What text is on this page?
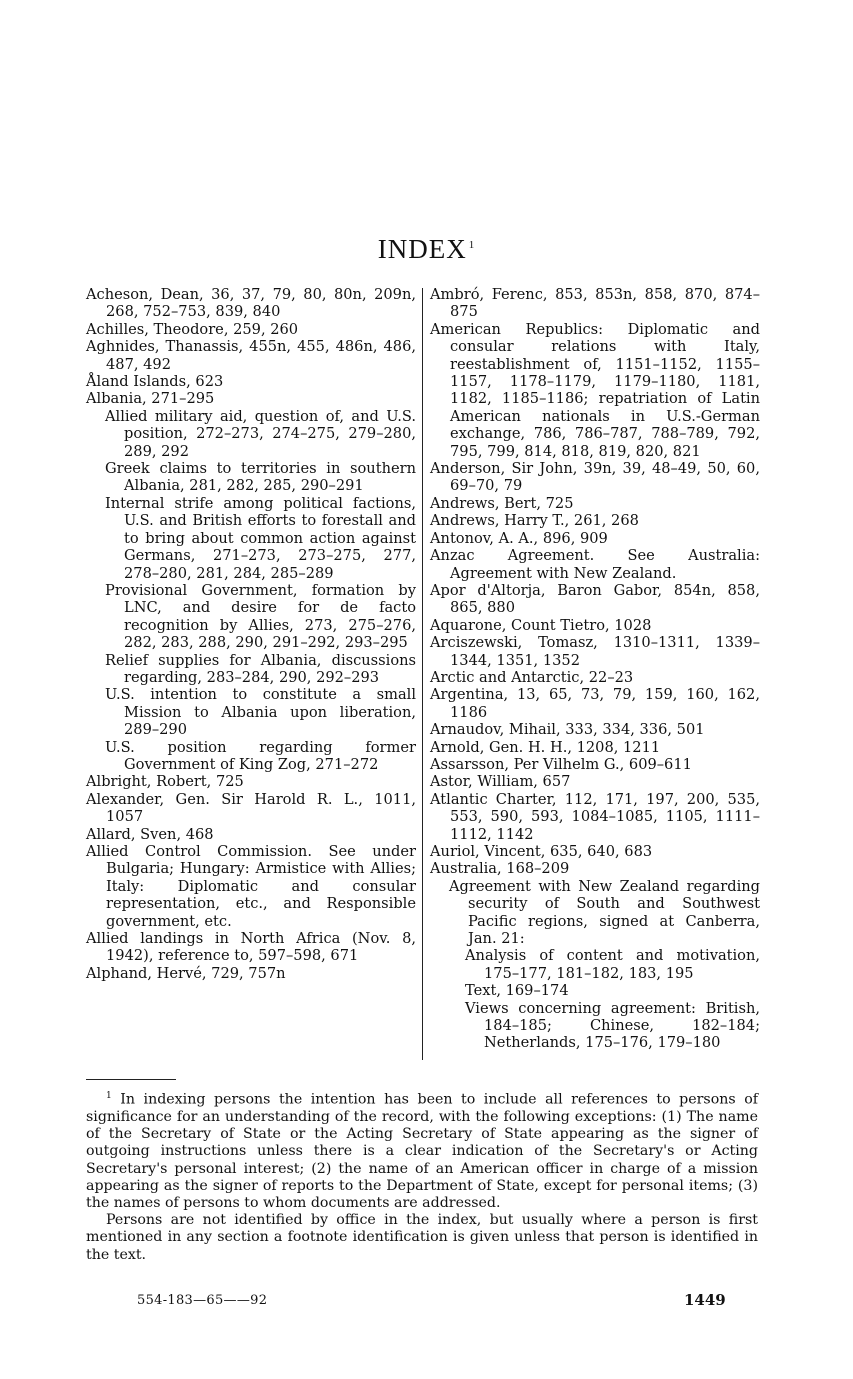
INDEX $^1$
Acheson, Dean, 36, 37, 79, 80, 80n, 209n, 268, 752–753, 839, 840
Achilles, Theodore, 259, 260
Aghnides, Thanassis, 455n, 455, 486n, 486, 487, 492
Åland Islands, 623
Albania, 271–295
Allied military aid, question of, and U.S. position, 272–273, 274–275, 279–280, 289, 292
Greek claims to territories in southern Albania, 281, 282, 285, 290–291
Internal strife among political factions, U.S. and British efforts to forestall and to bring about common action against Germans, 271–273, 273–275, 277, 278–280, 281, 284, 285–289
Provisional Government, formation by LNC, and desire for de facto recognition by Allies, 273, 275–276, 282, 283, 288, 290, 291–292, 293–295
Relief supplies for Albania, discussions regarding, 283–284, 290, 292–293
U.S. intention to constitute a small Mission to Albania upon liberation, 289–290
U.S. position regarding former Government of King Zog, 271–272
Albright, Robert, 725
Alexander, Gen. Sir Harold R. L., 1011, 1057
Allard, Sven, 468
Allied Control Commission. See under Bulgaria; Hungary: Armistice with Allies; Italy: Diplomatic and consular representation, etc., and Responsible government, etc.
Allied landings in North Africa (Nov. 8, 1942), reference to, 597–598, 671
Alphand, Hervé, 729, 757n
Ambró, Ferenc, 853, 853n, 858, 870, 874–875
American Republics: Diplomatic and consular relations with Italy, reestablishment of, 1151–1152, 1155–1157, 1178–1179, 1179–1180, 1181, 1182, 1185–1186; repatriation of Latin American nationals in U.S.-German exchange, 786, 786–787, 788–789, 792, 795, 799, 814, 818, 819, 820, 821
Anderson, Sir John, 39n, 39, 48–49, 50, 60, 69–70, 79
Andrews, Bert, 725
Andrews, Harry T., 261, 268
Antonov, A. A., 896, 909
Anzac Agreement. See Australia: Agreement with New Zealand.
Apor d'Altorja, Baron Gabor, 854n, 858, 865, 880
Aquarone, Count Tietro, 1028
Arciszewski, Tomasz, 1310–1311, 1339–1344, 1351, 1352
Arctic and Antarctic, 22–23
Argentina, 13, 65, 73, 79, 159, 160, 162, 1186
Arnaudov, Mihail, 333, 334, 336, 501
Arnold, Gen. H. H., 1208, 1211
Assarsson, Per Vilhelm G., 609–611
Astor, William, 657
Atlantic Charter, 112, 171, 197, 200, 535, 553, 590, 593, 1084–1085, 1105, 1111–1112, 1142
Auriol, Vincent, 635, 640, 683
Australia, 168–209
Agreement with New Zealand regarding security of South and Southwest Pacific regions, signed at Canberra, Jan. 21:
Analysis of content and motivation, 175–177, 181–182, 183, 195
Text, 169–174
Views concerning agreement: British, 184–185; Chinese, 182–184; Netherlands, 175–176, 179–180

$^1$ In indexing persons the intention has been to include all references to persons of significance for an understanding of the record, with the following exceptions: (1) The name of the Secretary of State or the Acting Secretary of State appearing as the signer of outgoing instructions unless there is a clear indication of the Secretary's or Acting Secretary's personal interest; (2) the name of an American officer in charge of a mission appearing as the signer of reports to the Department of State, except for personal items; (3) the names of persons to whom documents are addressed.

Persons are not identified by office in the index, but usually where a person is first mentioned in any section a footnote identification is given unless that person is identified in the text.

554-183—65——92	1449
